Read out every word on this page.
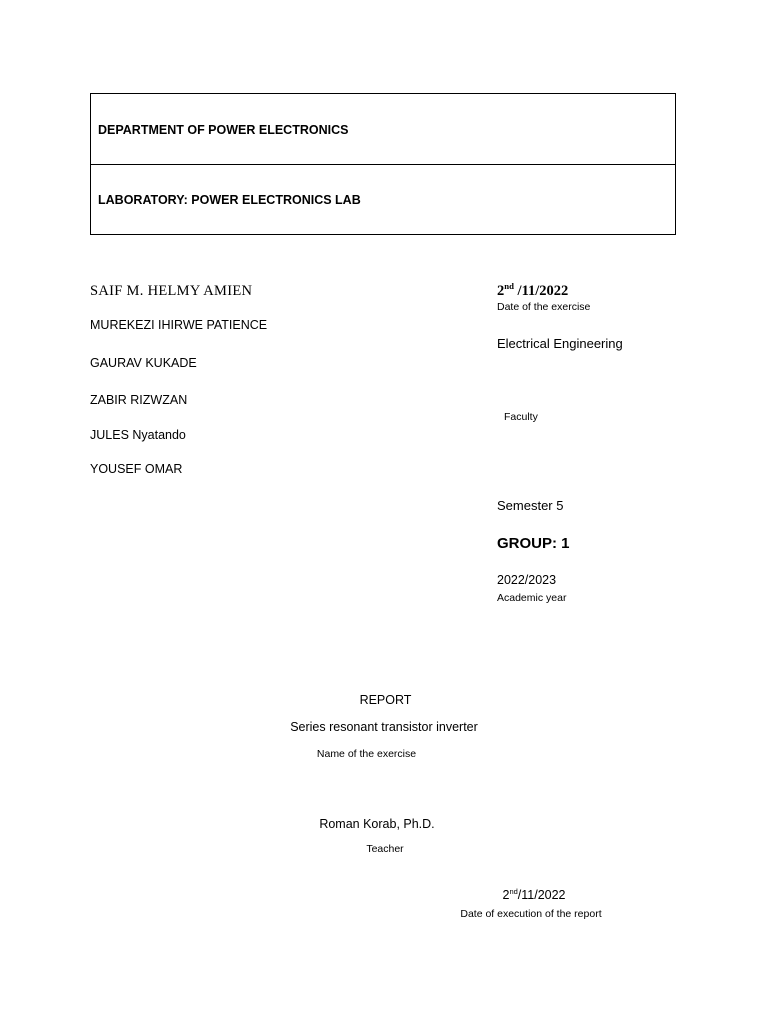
DEPARTMENT OF POWER ELECTRONICS
LABORATORY: POWER ELECTRONICS LAB
SAIF M. HELMY AMIEN
MUREKEZI IHIRWE PATIENCE
GAURAV KUKADE
ZABIR RIZWZAN
JULES Nyatando
YOUSEF OMAR
2nd /11/2022
Date of the exercise
Electrical Engineering
Faculty
Semester 5
GROUP: 1
2022/2023
Academic year
REPORT
Series resonant transistor inverter
Name of the exercise
Roman Korab, Ph.D.
Teacher
2nd/11/2022
Date of execution of the report
